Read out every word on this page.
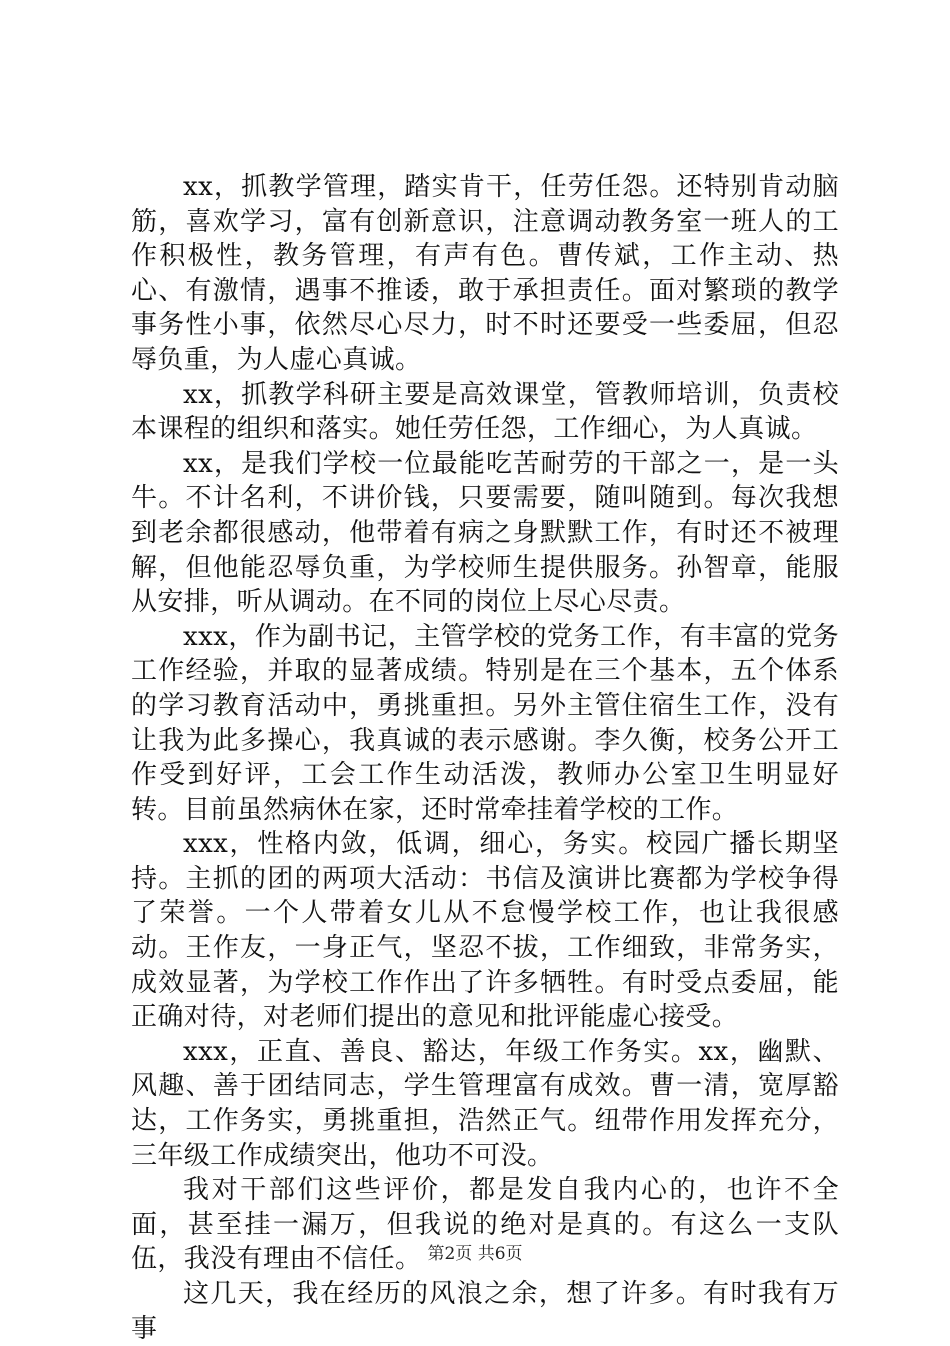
xx，抓教学管理，踏实肯干，任劳任怨。还特别肯动脑筋，喜欢学习，富有创新意识，注意调动教务室一班人的工作积极性，教务管理，有声有色。曹传斌，工作主动、热心、有激情，遇事不推诿，敢于承担责任。面对繁琐的教学事务性小事，依然尽心尽力，时不时还要受一些委屈，但忍辱负重，为人虚心真诚。

xx，抓教学科研主要是高效课堂，管教师培训，负责校本课程的组织和落实。她任劳任怨，工作细心，为人真诚。

xx，是我们学校一位最能吃苦耐劳的干部之一，是一头牛。不计名利，不讲价钱，只要需要，随叫随到。每次我想到老余都很感动，他带着有病之身默默工作，有时还不被理解，但他能忍辱负重，为学校师生提供服务。孙智章，能服从安排，听从调动。在不同的岗位上尽心尽责。

xxx，作为副书记，主管学校的党务工作，有丰富的党务工作经验，并取的显著成绩。特别是在三个基本，五个体系的学习教育活动中，勇挑重担。另外主管住宿生工作，没有让我为此多操心，我真诚的表示感谢。李久衡，校务公开工作受到好评，工会工作生动活泼，教师办公室卫生明显好转。目前虽然病休在家，还时常牵挂着学校的工作。

xxx，性格内敛，低调，细心，务实。校园广播长期坚持。主抓的团的两项大活动：书信及演讲比赛都为学校争得了荣誉。一个人带着女儿从不怠慢学校工作，也让我很感动。王作友，一身正气，坚忍不拔，工作细致，非常务实，成效显著，为学校工作作出了许多牺牲。有时受点委屈，能正确对待，对老师们提出的意见和批评能虚心接受。

xxx，正直、善良、豁达，年级工作务实。xx，幽默、风趣、善于团结同志，学生管理富有成效。曹一清，宽厚豁达，工作务实，勇挑重担，浩然正气。纽带作用发挥充分，三年级工作成绩突出，他功不可没。

我对干部们这些评价，都是发自我内心的，也许不全面，甚至挂一漏万，但我说的绝对是真的。有这么一支队伍，我没有理由不信任。

这几天，我在经历的风浪之余，想了许多。有时我有万事

第2页 共6页
